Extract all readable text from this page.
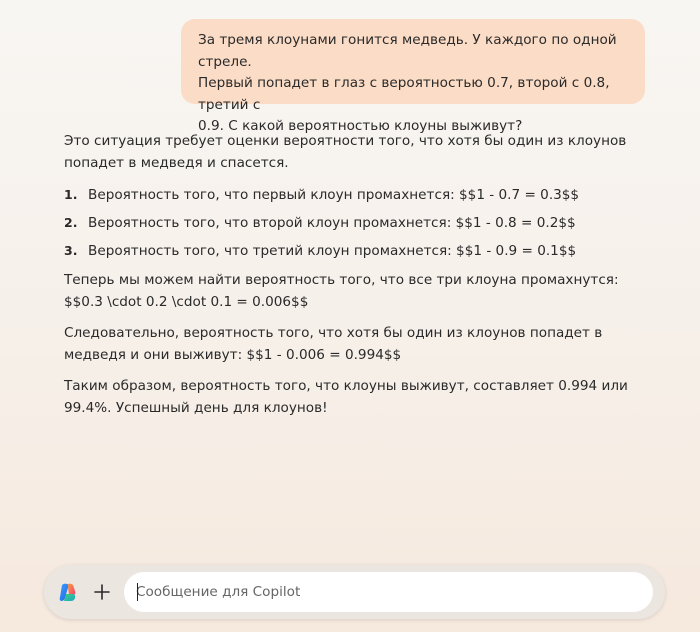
За тремя клоунами гонится медведь. У каждого по одной стреле.
Первый попадет в глаз с вероятностью 0.7, второй с 0.8, третий с
0.9. С какой вероятностью клоуны выживут?

Это ситуация требует оценки вероятности того, что хотя бы один из клоунов попадет в медведя и спасется.

1. Вероятность того, что первый клоун промахнется: $$1 - 0.7 = 0.3$$
2. Вероятность того, что второй клоун промахнется: $$1 - 0.8 = 0.2$$
3. Вероятность того, что третий клоун промахнется: $$1 - 0.9 = 0.1$$

Теперь мы можем найти вероятность того, что все три клоуна промахнутся: $$0.3 \cdot 0.2 \cdot 0.1 = 0.006$$

Следовательно, вероятность того, что хотя бы один из клоунов попадет в медведя и они выживут: $$1 - 0.006 = 0.994$$

Таким образом, вероятность того, что клоуны выживут, составляет 0.994 или 99.4%. Успешный день для клоунов!

Сообщение для Copilot
